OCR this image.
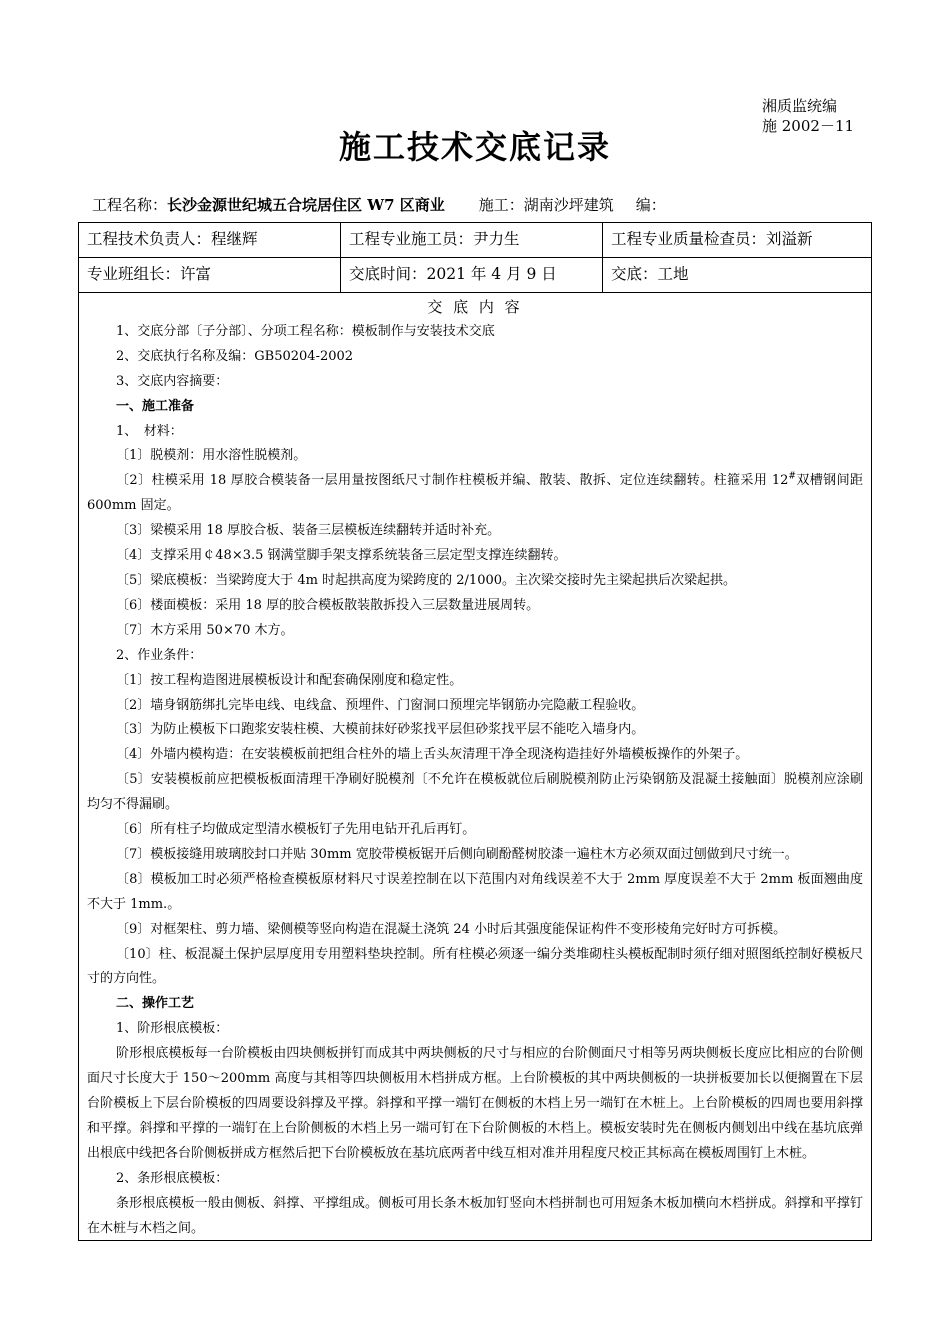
湘质监统编
施 2002－11
施工技术交底记录
工程名称：长沙金源世纪城五合垸居住区 W7 区商业 施工：湖南沙坪建筑 编：
工程技术负责人：程继辉	工程专业施工员：尹力生	工程专业质量检查员：刘溢新
专业班组长：许富	交底时间：2021 年 4 月 9 日	交底：工地
交 底 内 容

1、交底分部〔子分部〕、分项工程名称：模板制作与安装技术交底

2、交底执行名称及编：GB50204-2002

3、交底内容摘要：

一、施工准备

1、　材料：

〔1〕脱模剂：用水溶性脱模剂。

〔2〕柱模采用 18 厚胶合模装备一层用量按图纸尺寸制作柱模板并编、散装、散拆、定位连续翻转。柱箍采用 12#双槽钢间距 600mm 固定。

〔3〕梁模采用 18 厚胶合板、装备三层模板连续翻转并适时补充。

〔4〕支撑采用￠48×3.5 钢满堂脚手架支撑系统装备三层定型支撑连续翻转。

〔5〕梁底模板：当梁跨度大于 4m 时起拱高度为梁跨度的 2/1000。主次梁交接时先主梁起拱后次梁起拱。

〔6〕楼面模板：采用 18 厚的胶合模板散装散拆投入三层数量进展周转。

〔7〕木方采用 50×70 木方。

2、作业条件：

〔1〕按工程构造图进展模板设计和配套确保刚度和稳定性。

〔2〕墙身钢筋绑扎完毕电线、电线盒、预埋件、门窗洞口预埋完毕钢筋办完隐蔽工程验收。

〔3〕为防止模板下口跑浆安装柱模、大模前抹好砂浆找平层但砂浆找平层不能吃入墙身内。

〔4〕外墙内模构造：在安装模板前把组合柱外的墙上舌头灰清理干净全现浇构造挂好外墙模板操作的外架子。

〔5〕安装模板前应把模板板面清理干净刷好脱模剂〔不允许在模板就位后刷脱模剂防止污染钢筋及混凝土接触面〕脱模剂应涂刷均匀不得漏刷。

〔6〕所有柱子均做成定型清水模板钉子先用电钻开孔后再钉。

〔7〕模板接缝用玻璃胶封口并贴 30mm 宽胶带模板锯开后侧向刷酚醛树胶漆一遍柱木方必须双面过刨做到尺寸统一。

〔8〕模板加工时必须严格检查模板原材料尺寸误差控制在以下范围内对角线误差不大于 2mm 厚度误差不大于 2mm 板面翘曲度不大于 1mm.。

〔9〕对框架柱、剪力墙、梁侧模等竖向构造在混凝土浇筑 24 小时后其强度能保证构件不变形棱角完好时方可拆模。

〔10〕柱、板混凝土保护层厚度用专用塑料垫块控制。所有柱模必须逐一编分类堆砌柱头模板配制时须仔细对照图纸控制好模板尺寸的方向性。

二、操作工艺

1、阶形根底模板：

阶形根底模板每一台阶模板由四块侧板拼钉而成其中两块侧板的尺寸与相应的台阶侧面尺寸相等另两块侧板长度应比相应的台阶侧面尺寸长度大于 150～200mm 高度与其相等四块侧板用木档拼成方框。上台阶模板的其中两块侧板的一块拼板要加长以便搁置在下层台阶模板上下层台阶模板的四周要设斜撑及平撑。斜撑和平撑一端钉在侧板的木档上另一端钉在木桩上。上台阶模板的四周也要用斜撑和平撑。斜撑和平撑的一端钉在上台阶侧板的木档上另一端可钉在下台阶侧板的木档上。模板安装时先在侧板内侧划出中线在基坑底弹出根底中线把各台阶侧板拼成方框然后把下台阶模板放在基坑底两者中线互相对准并用程度尺校正其标高在模板周围钉上木桩。

2、条形根底模板：

条形根底模板一般由侧板、斜撑、平撑组成。侧板可用长条木板加钉竖向木档拼制也可用短条木板加横向木档拼成。斜撑和平撑钉在木桩与木档之间。
